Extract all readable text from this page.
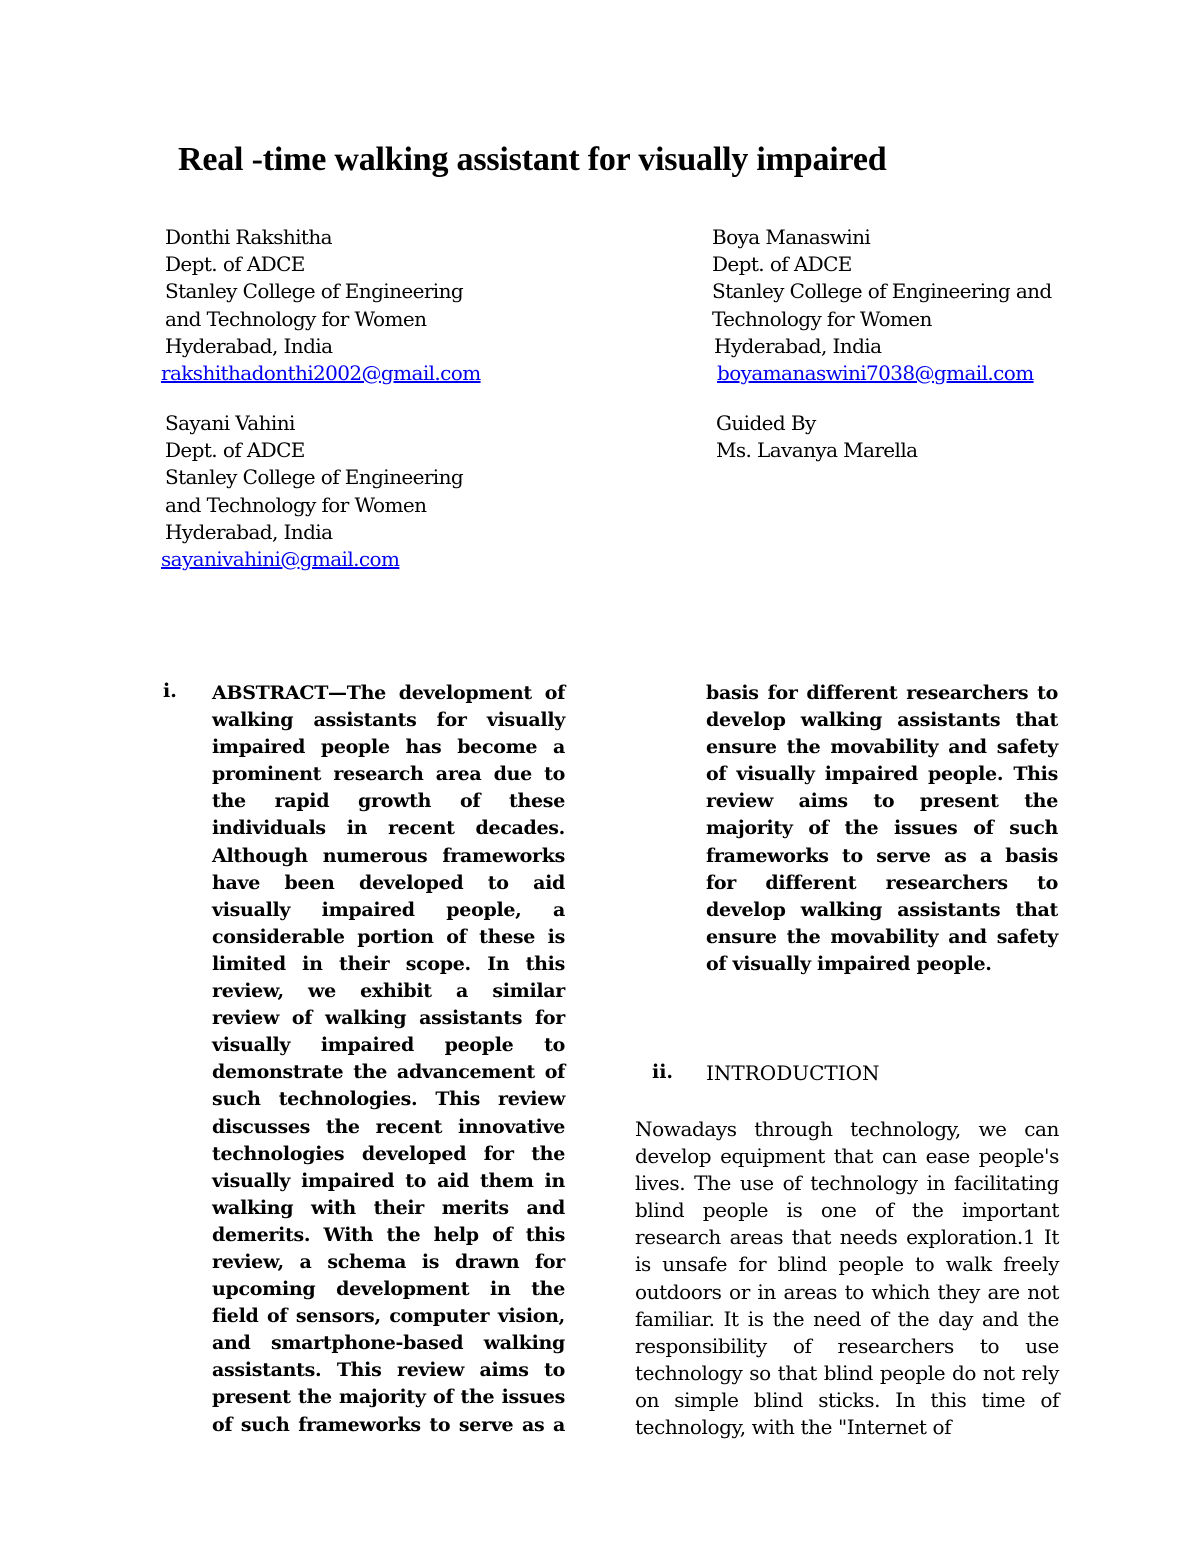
Real -time walking assistant for visually impaired
Donthi Rakshitha
Dept. of ADCE
Stanley College of Engineering
and Technology for Women
Hyderabad, India
rakshithadonthi2002@gmail.com
Boya Manaswini
Dept. of ADCE
Stanley College of Engineering and
Technology for Women
Hyderabad, India
boyamanaswini7038@gmail.com
Sayani Vahini
Dept. of ADCE
Stanley College of Engineering
and Technology for Women
Hyderabad, India
sayanivahini@gmail.com
Guided By
Ms. Lavanya Marella
i. ABSTRACT—The development of walking assistants for visually impaired people has become a prominent research area due to the rapid growth of these individuals in recent decades. Although numerous frameworks have been developed to aid visually impaired people, a considerable portion of these is limited in their scope. In this review, we exhibit a similar review of walking assistants for visually impaired people to demonstrate the advancement of such technologies. This review discusses the recent innovative technologies developed for the visually impaired to aid them in walking with their merits and demerits. With the help of this review, a schema is drawn for upcoming development in the field of sensors, computer vision, and smartphone-based walking assistants. This review aims to present the majority of the issues of such frameworks to serve as a
basis for different researchers to develop walking assistants that ensure the movability and safety of visually impaired people. This review aims to present the majority of the issues of such frameworks to serve as a basis for different researchers to develop walking assistants that ensure the movability and safety of visually impaired people.
ii. INTRODUCTION
Nowadays through technology, we can develop equipment that can ease people's lives. The use of technology in facilitating blind people is one of the important research areas that needs exploration.1 It is unsafe for blind people to walk freely outdoors or in areas to which they are not familiar. It is the need of the day and the responsibility of researchers to use technology so that blind people do not rely on simple blind sticks. In this time of technology, with the "Internet of
